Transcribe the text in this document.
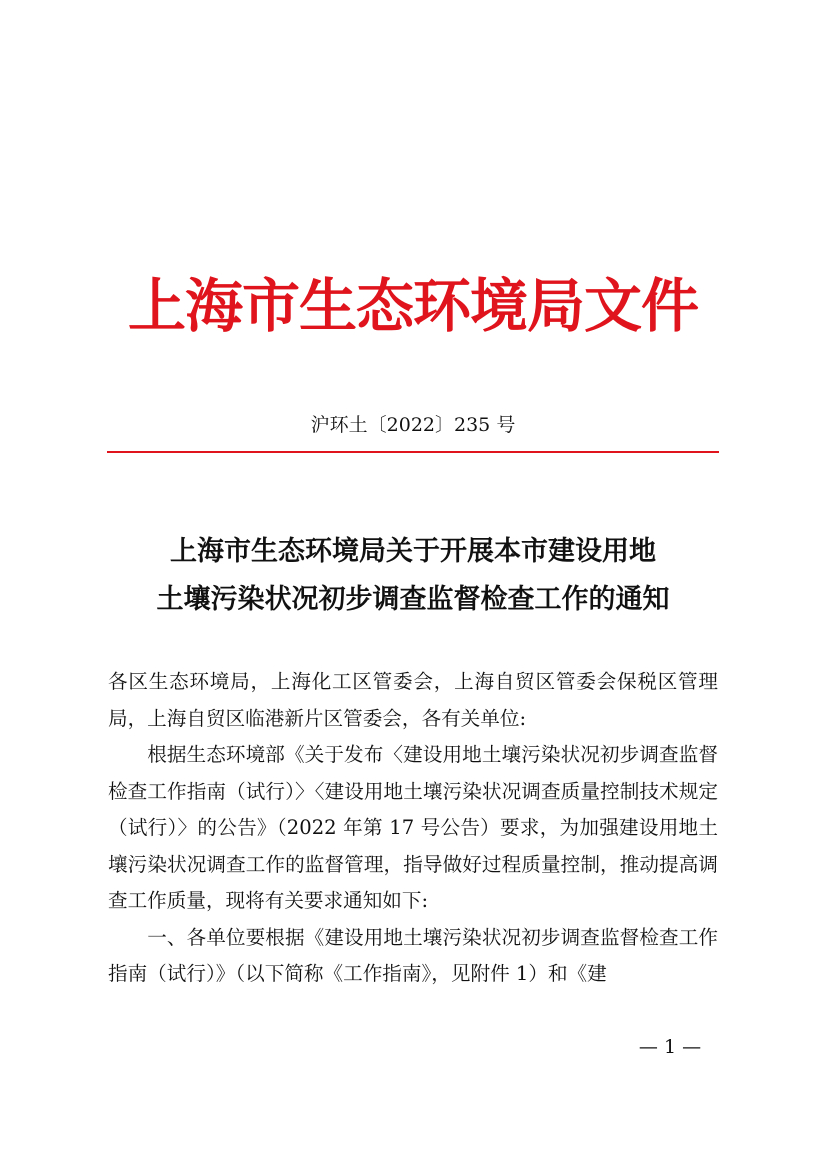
上海市生态环境局文件
沪环土〔2022〕235 号
上海市生态环境局关于开展本市建设用地
土壤污染状况初步调查监督检查工作的通知

各区生态环境局，上海化工区管委会，上海自贸区管委会保税区管理局，上海自贸区临港新片区管委会，各有关单位:

根据生态环境部《关于发布〈建设用地土壤污染状况初步调查监督检查工作指南（试行）〉〈建设用地土壤污染状况调查质量控制技术规定（试行）〉的公告》（2022 年第 17 号公告）要求，为加强建设用地土壤污染状况调查工作的监督管理，指导做好过程质量控制，推动提高调查工作质量，现将有关要求通知如下:

一、各单位要根据《建设用地土壤污染状况初步调查监督检查工作指南（试行）》（以下简称《工作指南》，见附件 1）和《建

— 1 —
